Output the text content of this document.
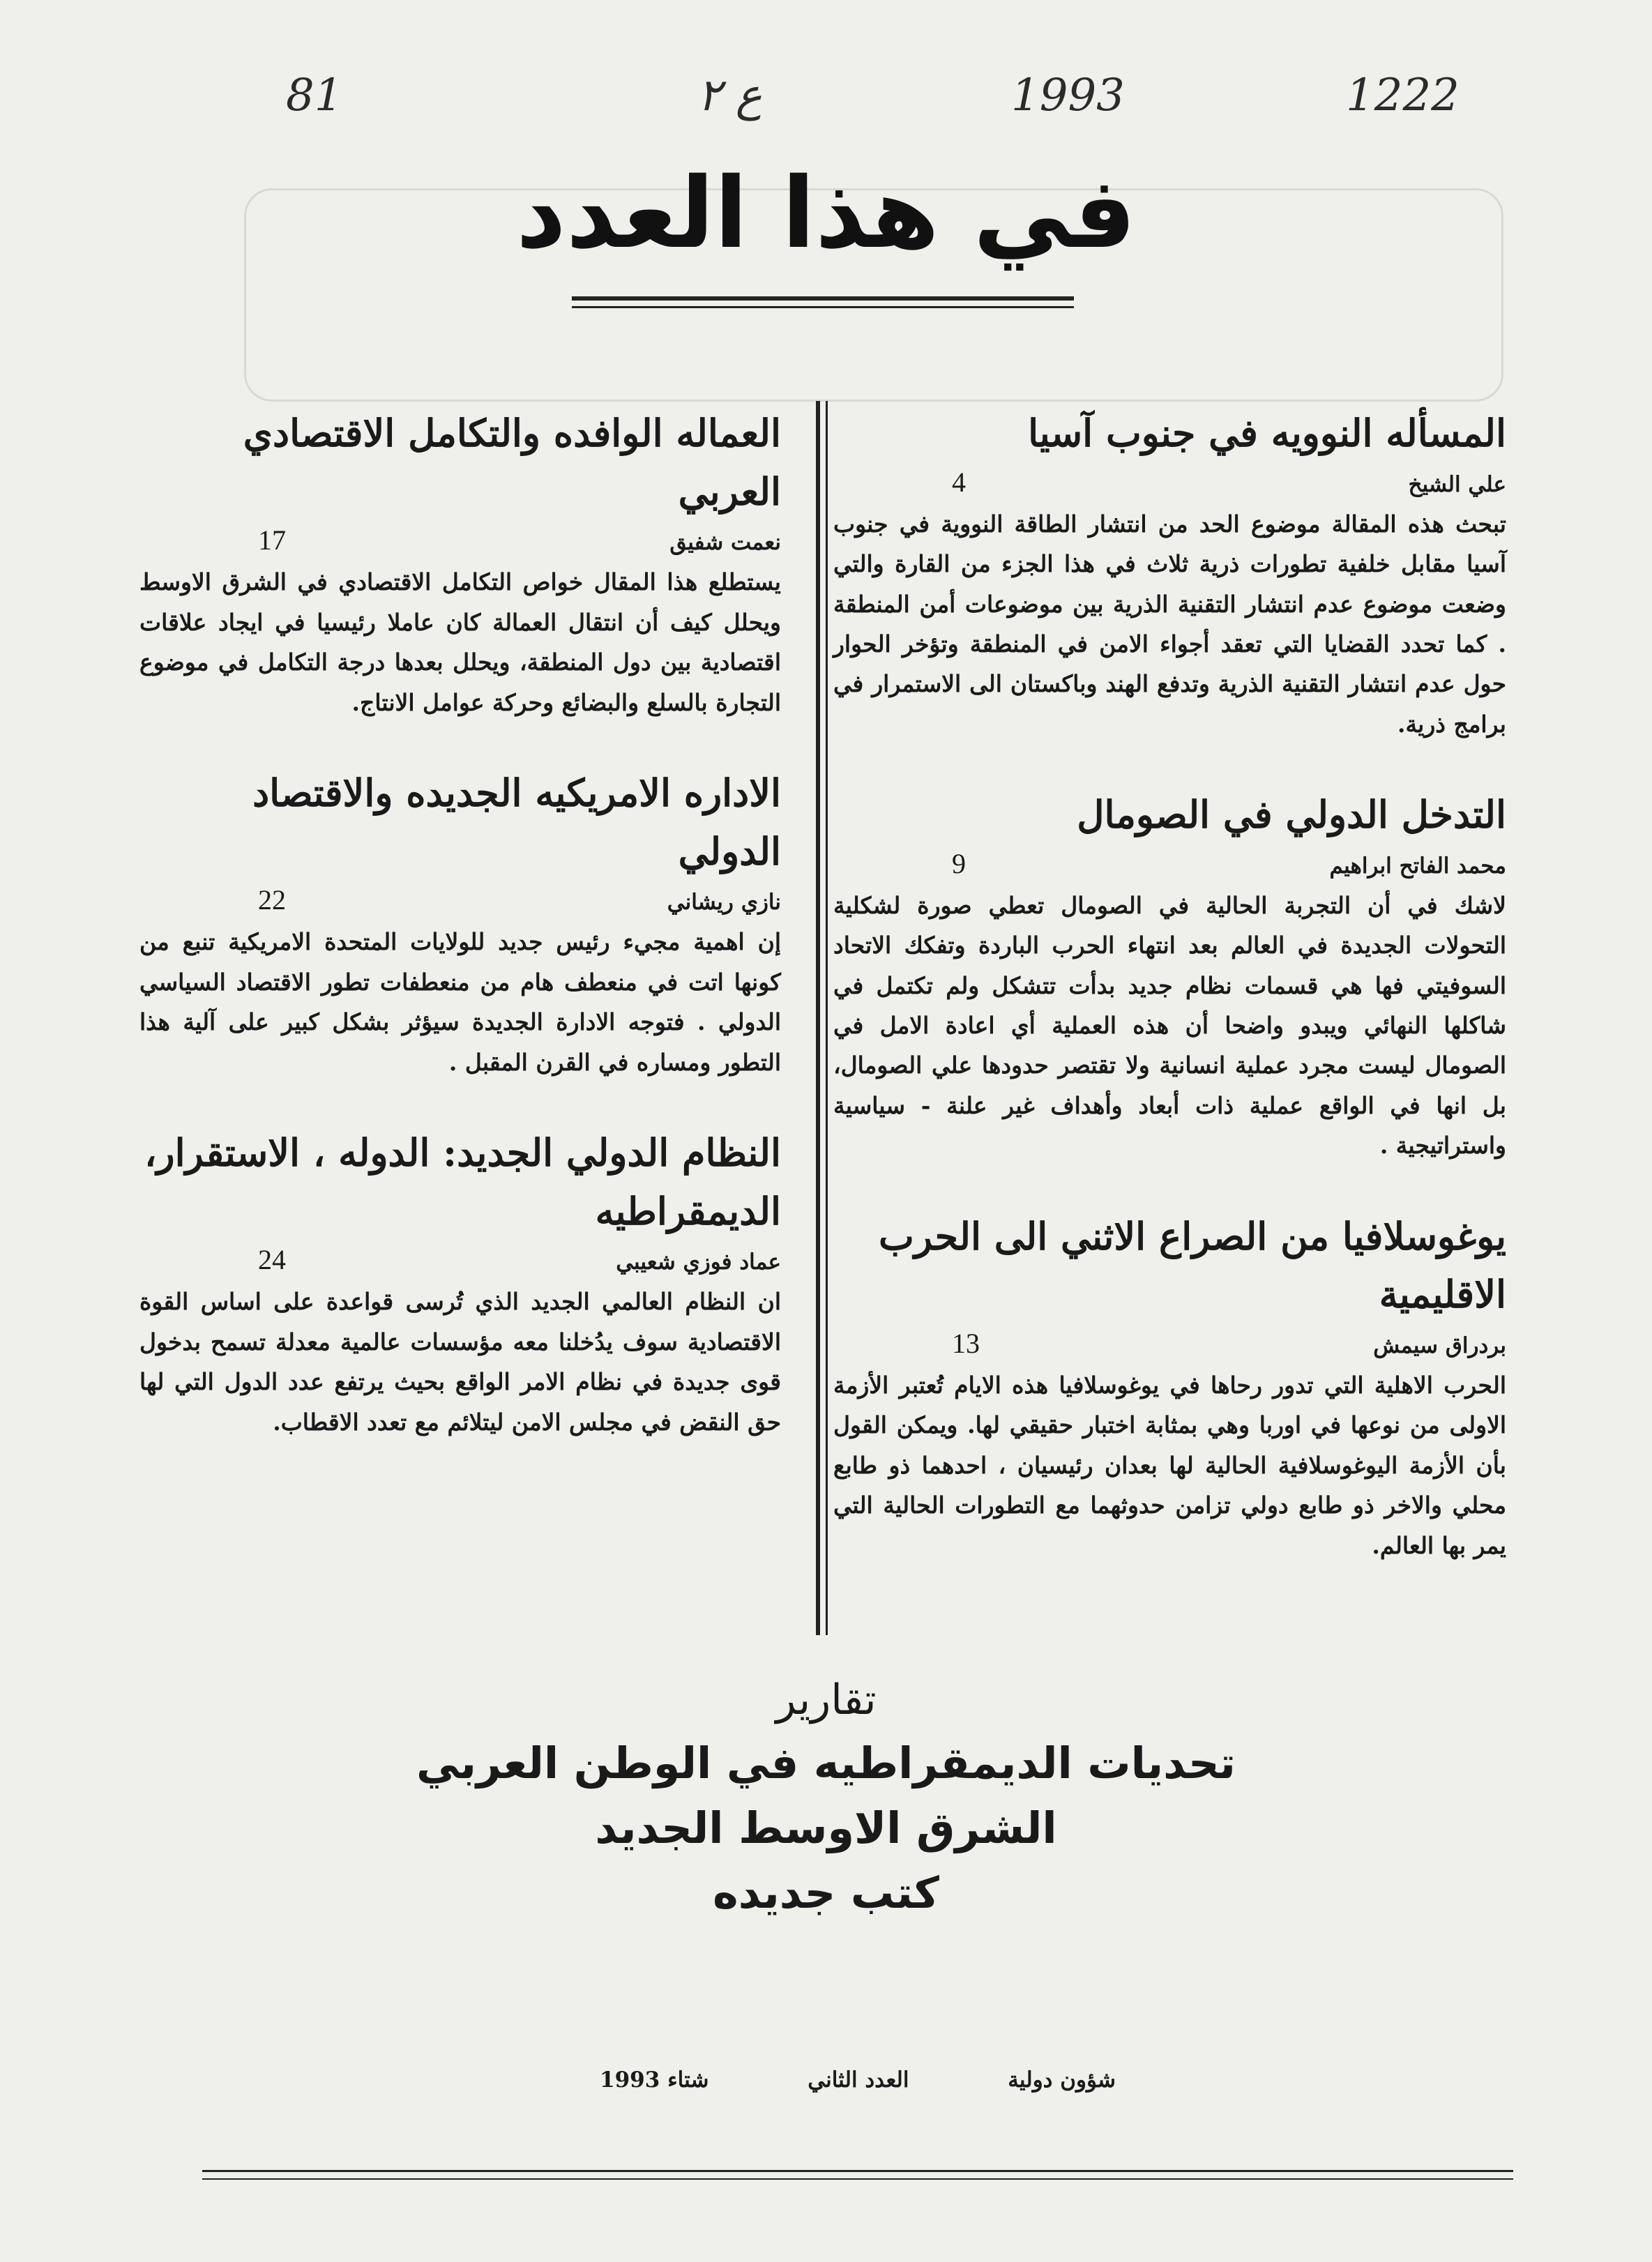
81	ع ٢	1993	1222
في هذا العدد
المسأله النوويه في جنوب آسيا
علي الشيخ
4

تبحث هذه المقالة موضوع الحد من انتشار الطاقة النووية في جنوب آسيا مقابل خلفية تطورات ذرية ثلاث في هذا الجزء من القارة والتي وضعت موضوع عدم انتشار التقنية الذرية بين موضوعات أمن المنطقة . كما تحدد القضايا التي تعقد أجواء الامن في المنطقة وتؤخر الحوار حول عدم انتشار التقنية الذرية وتدفع الهند وباكستان الى الاستمرار في برامج ذرية.

التدخل الدولي في الصومال
محمد الفاتح ابراهيم
9

لاشك في أن التجربة الحالية في الصومال تعطي صورة لشكلية التحولات الجديدة في العالم بعد انتهاء الحرب الباردة وتفكك الاتحاد السوفيتي فها هي قسمات نظام جديد بدأت تتشكل ولم تكتمل في شاكلها النهائي ويبدو واضحا أن هذه العملية أي اعادة الامل في الصومال ليست مجرد عملية انسانية ولا تقتصر حدودها علي الصومال، بل انها في الواقع عملية ذات أبعاد وأهداف غير علنة - سياسية واستراتيجية .

يوغوسلافيا من الصراع الاثني الى الحرب الاقليمية
بردراق سيمش
13

الحرب الاهلية التي تدور رحاها في يوغوسلافيا هذه الايام تُعتبر الأزمة الاولى من نوعها في اوربا وهي بمثابة اختبار حقيقي لها. ويمكن القول بأن الأزمة اليوغوسلافية الحالية لها بعدان رئيسيان ، احدهما ذو طابع محلي والاخر ذو طابع دولي تزامن حدوثهما مع التطورات الحالية التي يمر بها العالم.

العماله الوافده والتكامل الاقتصادي العربي
نعمت شفيق
17

يستطلع هذا المقال خواص التكامل الاقتصادي في الشرق الاوسط ويحلل كيف أن انتقال العمالة كان عاملا رئيسيا في ايجاد علاقات اقتصادية بين دول المنطقة، ويحلل بعدها درجة التكامل في موضوع التجارة بالسلع والبضائع وحركة عوامل الانتاج.

الاداره الامريكيه الجديده والاقتصاد الدولي
نازي ريشاني
22

إن اهمية مجيء رئيس جديد للولايات المتحدة الامريكية تنبع من كونها اتت في منعطف هام من منعطفات تطور الاقتصاد السياسي الدولي . فتوجه الادارة الجديدة سيؤثر بشكل كبير على آلية هذا التطور ومساره في القرن المقبل .

النظام الدولي الجديد: الدوله ، الاستقرار، الديمقراطيه
عماد فوزي شعيبي
24

ان النظام العالمي الجديد الذي تُرسى قواعدة على اساس القوة الاقتصادية سوف يدُخلنا معه مؤسسات عالمية معدلة تسمح بدخول قوى جديدة في نظام الامر الواقع بحيث يرتفع عدد الدول التي لها حق النقض في مجلس الامن ليتلائم مع تعدد الاقطاب.

تقارير
تحديات الديمقراطيه في الوطن العربي
الشرق الاوسط الجديد
كتب جديده
شؤون دولية
العدد الثاني
شتاء 1993
